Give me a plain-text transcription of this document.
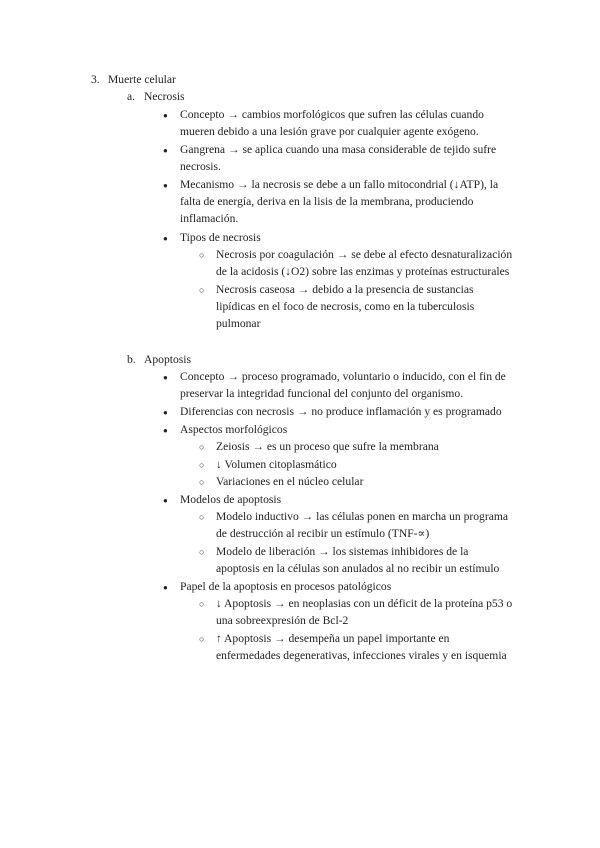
3. Muerte celular
a. Necrosis
● Concepto → cambios morfológicos que sufren las células cuando
mueren debido a una lesión grave por cualquier agente exógeno.
● Gangrena → se aplica cuando una masa considerable de tejido sufre
necrosis.
● Mecanismo → la necrosis se debe a un fallo mitocondrial (↓ATP), la
falta de energía, deriva en la lisis de la membrana, produciendo
inflamación.
● Tipos de necrosis
○ Necrosis por coagulación → se debe al efecto desnaturalización
de la acidosis (↓O2) sobre las enzimas y proteínas estructurales
○ Necrosis caseosa → debido a la presencia de sustancias
lipídicas en el foco de necrosis, como en la tuberculosis
pulmonar
b. Apoptosis
● Concepto → proceso programado, voluntario o inducido, con el fin de
preservar la integridad funcional del conjunto del organismo.
● Diferencias con necrosis → no produce inflamación y es programado
● Aspectos morfológicos
○ Zeiosis → es un proceso que sufre la membrana
○ ↓ Volumen citoplasmático
○ Variaciones en el núcleo celular
● Modelos de apoptosis
○ Modelo inductivo → las células ponen en marcha un programa
de destrucción al recibir un estímulo (TNF-∝)
○ Modelo de liberación → los sistemas inhibidores de la
apoptosis en la células son anulados al no recibir un estímulo
● Papel de la apoptosis en procesos patológicos
○ ↓ Apoptosis → en neoplasias con un déficit de la proteína p53 o
una sobreexpresión de Bcl-2
○ ↑ Apoptosis → desempeña un papel importante en
enfermedades degenerativas, infecciones virales y en isquemia
